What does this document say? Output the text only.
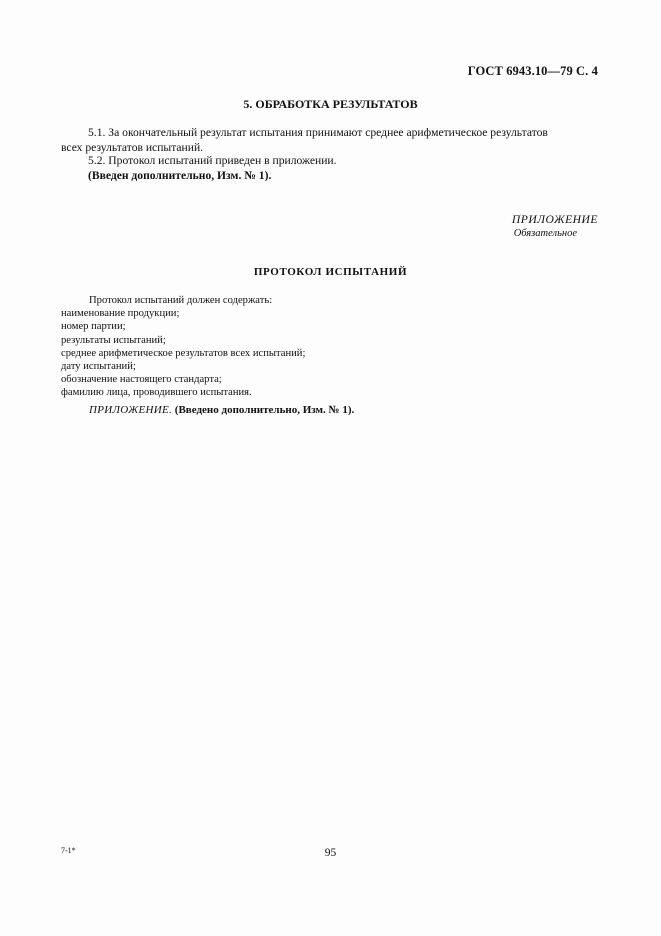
ГОСТ 6943.10—79 С. 4
5. ОБРАБОТКА РЕЗУЛЬТАТОВ
5.1. За окончательный результат испытания принимают среднее арифметическое результатов
всех результатов испытаний.
5.2. Протокол испытаний приведен в приложении.
(Введен дополнительно, Изм. № 1).
ПРИЛОЖЕНИЕ
Обязательное
ПРОТОКОЛ ИСПЫТАНИЙ
Протокол испытаний должен содержать:
наименование продукции;
номер партии;
результаты испытаний;
среднее арифметическое результатов всех испытаний;
дату испытаний;
обозначение настоящего стандарта;
фамилию лица, проводившего испытания.
ПРИЛОЖЕНИЕ. (Введено дополнительно, Изм. № 1).
7-1*	95
